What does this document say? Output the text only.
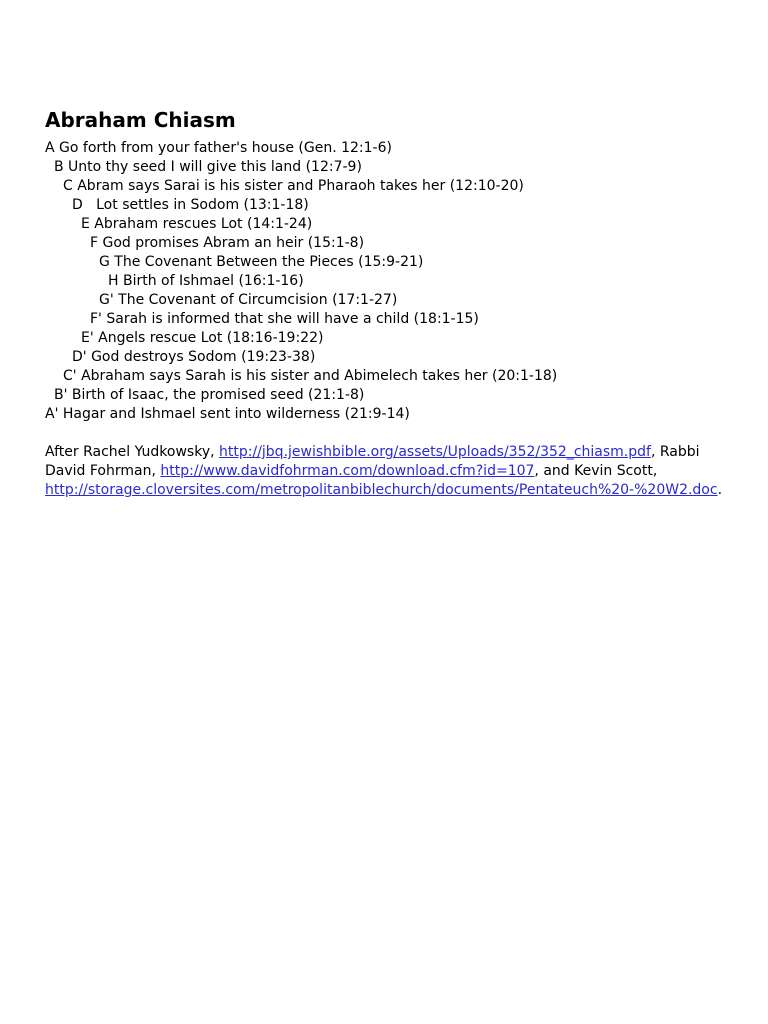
Abraham Chiasm
A Go forth from your father's house (Gen. 12:1-6)
B Unto thy seed I will give this land (12:7-9)
C Abram says Sarai is his sister and Pharaoh takes her (12:10-20)
D   Lot settles in Sodom (13:1-18)
E Abraham rescues Lot (14:1-24)
F God promises Abram an heir (15:1-8)
G The Covenant Between the Pieces (15:9-21)
H Birth of Ishmael (16:1-16)
G' The Covenant of Circumcision (17:1-27)
F' Sarah is informed that she will have a child (18:1-15)
E' Angels rescue Lot (18:16-19:22)
D' God destroys Sodom (19:23-38)
C' Abraham says Sarah is his sister and Abimelech takes her (20:1-18)
B' Birth of Isaac, the promised seed (21:1-8)
A' Hagar and Ishmael sent into wilderness (21:9-14)

After Rachel Yudkowsky, http://jbq.jewishbible.org/assets/Uploads/352/352_chiasm.pdf, Rabbi David Fohrman, http://www.davidfohrman.com/download.cfm?id=107, and Kevin Scott, http://storage.cloversites.com/metropolitanbiblechurch/documents/Pentateuch%20-%20W2.doc.
